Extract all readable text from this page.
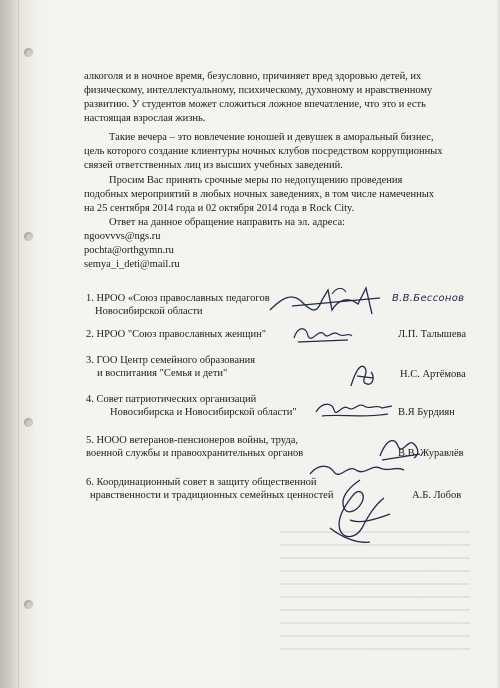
алкоголя и в ночное время, безусловно, причиняет вред здоровью детей, их
физическому, интеллектуальному, психическому, духовному и нравственному
развитию. У студентов может сложиться ложное впечатление, что это и есть
настоящая взрослая жизнь.
Такие вечера – это вовлечение юношей и девушек в аморальный бизнес,
цель которого создание клиентуры ночных клубов посредством коррупционных
связей ответственных лиц из высших учебных заведений.
Просим Вас принять срочные меры по недопущению проведения
подобных мероприятий в любых ночных заведениях, в том числе намеченных
на 25 сентября 2014 года и 02 октября 2014 года в Rock City.
Ответ на данное обращение направить на эл. адреса:
ngoovvvs@ngs.ru
pochta@orthgymn.ru
semya_i_deti@mail.ru
1. НРОО «Союз православных педагогов
Новосибирской области
В.В.Бессонов
2. НРОО "Союз православных женщин"	Л.П. Талышева
3. ГОО Центр семейного образования
и воспитания "Семья и дети"	Н.С. Артёмова
4. Совет патриотических организаций
Новосибирска и Новосибирской области"	В.Я Бурдиян
5. НООО ветеранов-пенсионеров войны, труда,
военной службы и правоохранительных органов	В.В. Журавлёв
6. Координационный совет в защиту общественной
нравственности и традиционных семейных ценностей	А.Б. Лобов
